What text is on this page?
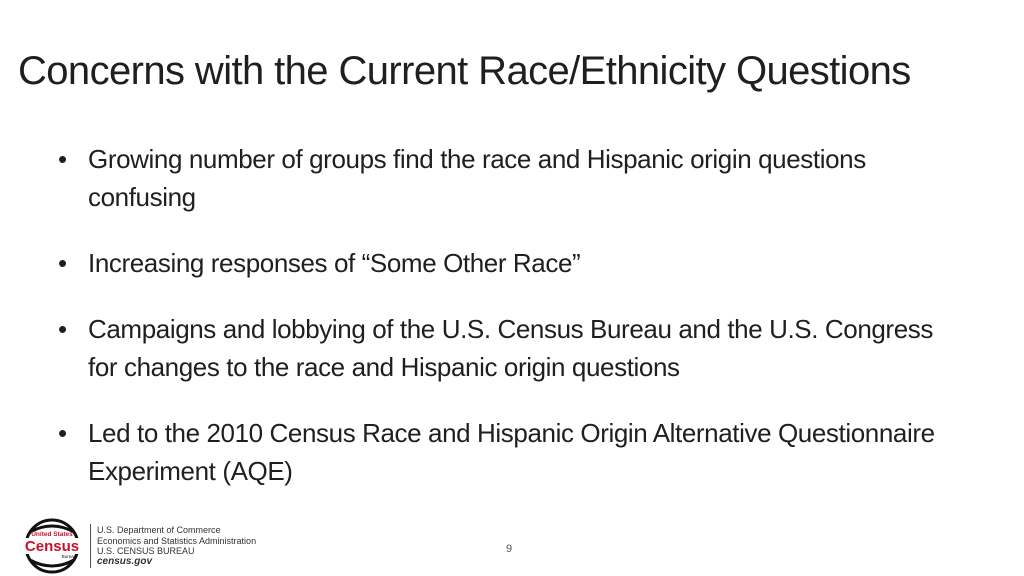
Concerns with the Current Race/Ethnicity Questions
• Growing number of groups find the race and Hispanic origin questions confusing
• Increasing responses of “Some Other Race”
• Campaigns and lobbying of the U.S. Census Bureau and the U.S. Congress for changes to the race and Hispanic origin questions
• Led to the 2010 Census Race and Hispanic Origin Alternative Questionnaire Experiment (AQE)
United States
Census
Bureau
U.S. Department of Commerce
Economics and Statistics Administration
U.S. CENSUS BUREAU
census.gov
9
